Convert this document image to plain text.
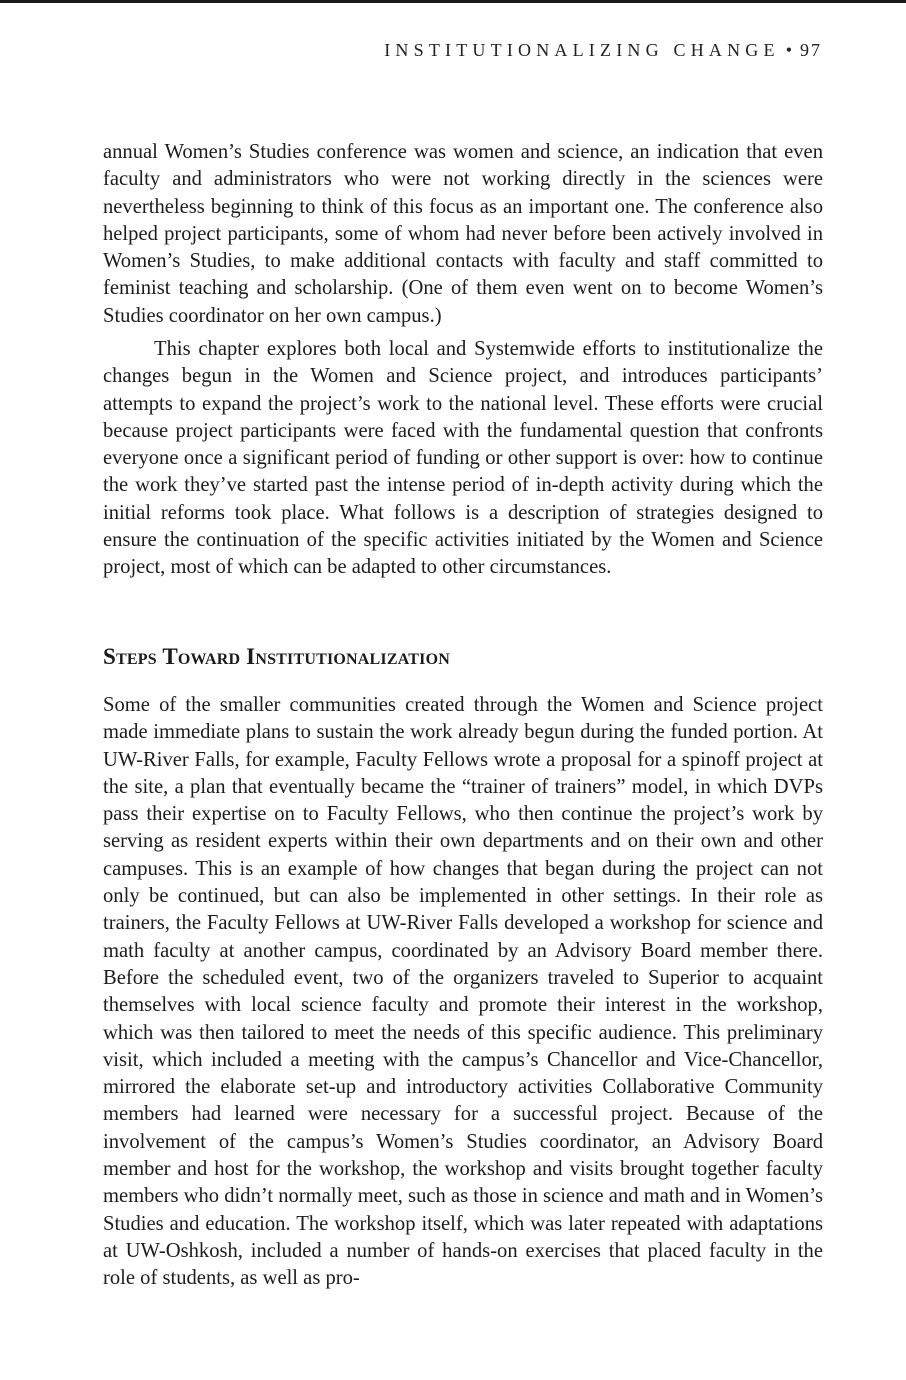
INSTITUTIONALIZING CHANGE • 97

annual Women’s Studies conference was women and science, an indication that even faculty and administrators who were not working directly in the sciences were nevertheless beginning to think of this focus as an important one. The conference also helped project participants, some of whom had never before been actively involved in Women’s Studies, to make additional contacts with faculty and staff committed to feminist teaching and scholarship. (One of them even went on to become Women’s Studies coordinator on her own campus.)

This chapter explores both local and Systemwide efforts to institutionalize the changes begun in the Women and Science project, and introduces participants’ attempts to expand the project’s work to the national level. These efforts were crucial because project participants were faced with the fundamental question that confronts everyone once a significant period of funding or other support is over: how to continue the work they’ve started past the intense period of in-depth activity during which the initial reforms took place. What follows is a description of strategies designed to ensure the continuation of the specific activities initiated by the Women and Science project, most of which can be adapted to other circumstances.

Steps Toward Institutionalization

Some of the smaller communities created through the Women and Science project made immediate plans to sustain the work already begun during the funded portion. At UW-River Falls, for example, Faculty Fellows wrote a proposal for a spinoff project at the site, a plan that eventually became the “trainer of trainers” model, in which DVPs pass their expertise on to Faculty Fellows, who then continue the project’s work by serving as resident experts within their own departments and on their own and other campuses. This is an example of how changes that began during the project can not only be continued, but can also be implemented in other settings. In their role as trainers, the Faculty Fellows at UW-River Falls developed a workshop for science and math faculty at another campus, coordinated by an Advisory Board member there. Before the scheduled event, two of the organizers traveled to Superior to acquaint themselves with local science faculty and promote their interest in the workshop, which was then tailored to meet the needs of this specific audience. This preliminary visit, which included a meeting with the campus’s Chancellor and Vice-Chancellor, mirrored the elaborate set-up and introductory activities Collaborative Community members had learned were necessary for a successful project. Because of the involvement of the campus’s Women’s Studies coordinator, an Advisory Board member and host for the workshop, the workshop and visits brought together faculty members who didn’t normally meet, such as those in science and math and in Women’s Studies and education. The workshop itself, which was later repeated with adaptations at UW-Oshkosh, included a number of hands-on exercises that placed faculty in the role of students, as well as pro-
